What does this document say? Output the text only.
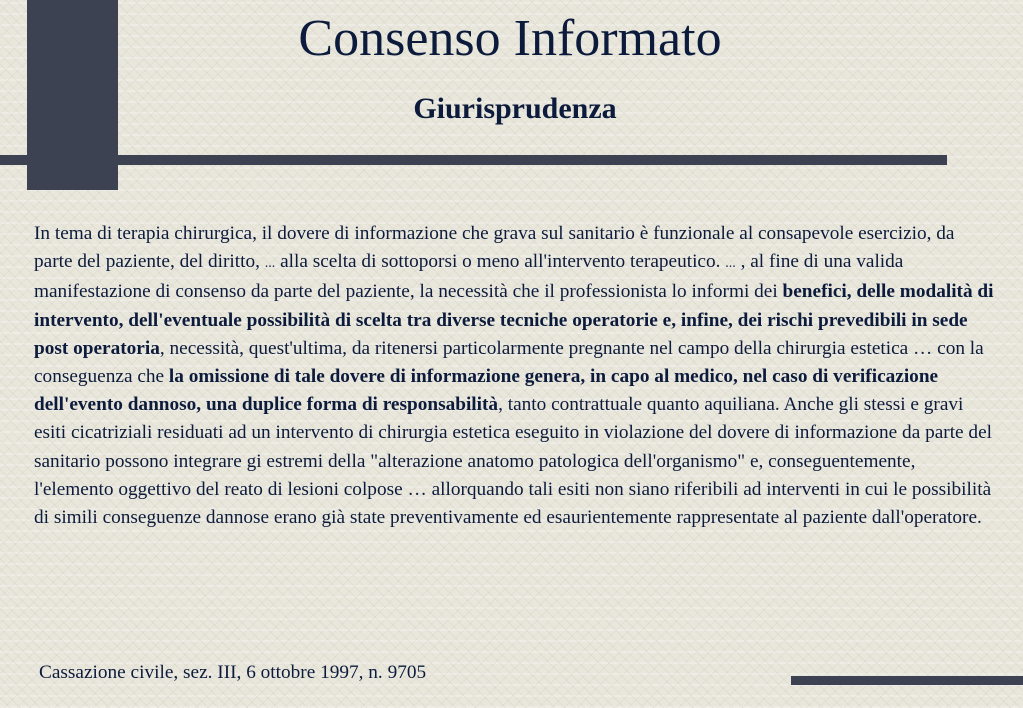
Consenso Informato
Giurisprudenza

In tema di terapia chirurgica, il dovere di informazione che grava sul sanitario è funzionale al consapevole esercizio, da parte del paziente, del diritto, ... alla scelta di sottoporsi o meno all'intervento terapeutico. ... , al fine di una valida manifestazione di consenso da parte del paziente, la necessità che il professionista lo informi dei benefici, delle modalità di intervento, dell'eventuale possibilità di scelta tra diverse tecniche operatorie e, infine, dei rischi prevedibili in sede post operatoria, necessità, quest'ultima, da ritenersi particolarmente pregnante nel campo della chirurgia estetica … con la conseguenza che la omissione di tale dovere di informazione genera, in capo al medico, nel caso di verificazione dell'evento dannoso, una duplice forma di responsabilità, tanto contrattuale quanto aquiliana. Anche gli stessi e gravi esiti cicatriziali residuati ad un intervento di chirurgia estetica eseguito in violazione del dovere di informazione da parte del sanitario possono integrare gi estremi della "alterazione anatomo patologica dell'organismo" e, conseguentemente, l'elemento oggettivo del reato di lesioni colpose … allorquando tali esiti non siano riferibili ad interventi in cui le possibilità di simili conseguenze dannose erano già state preventivamente ed esaurientemente rappresentate al paziente dall'operatore.

Cassazione civile, sez. III, 6 ottobre 1997, n. 9705
